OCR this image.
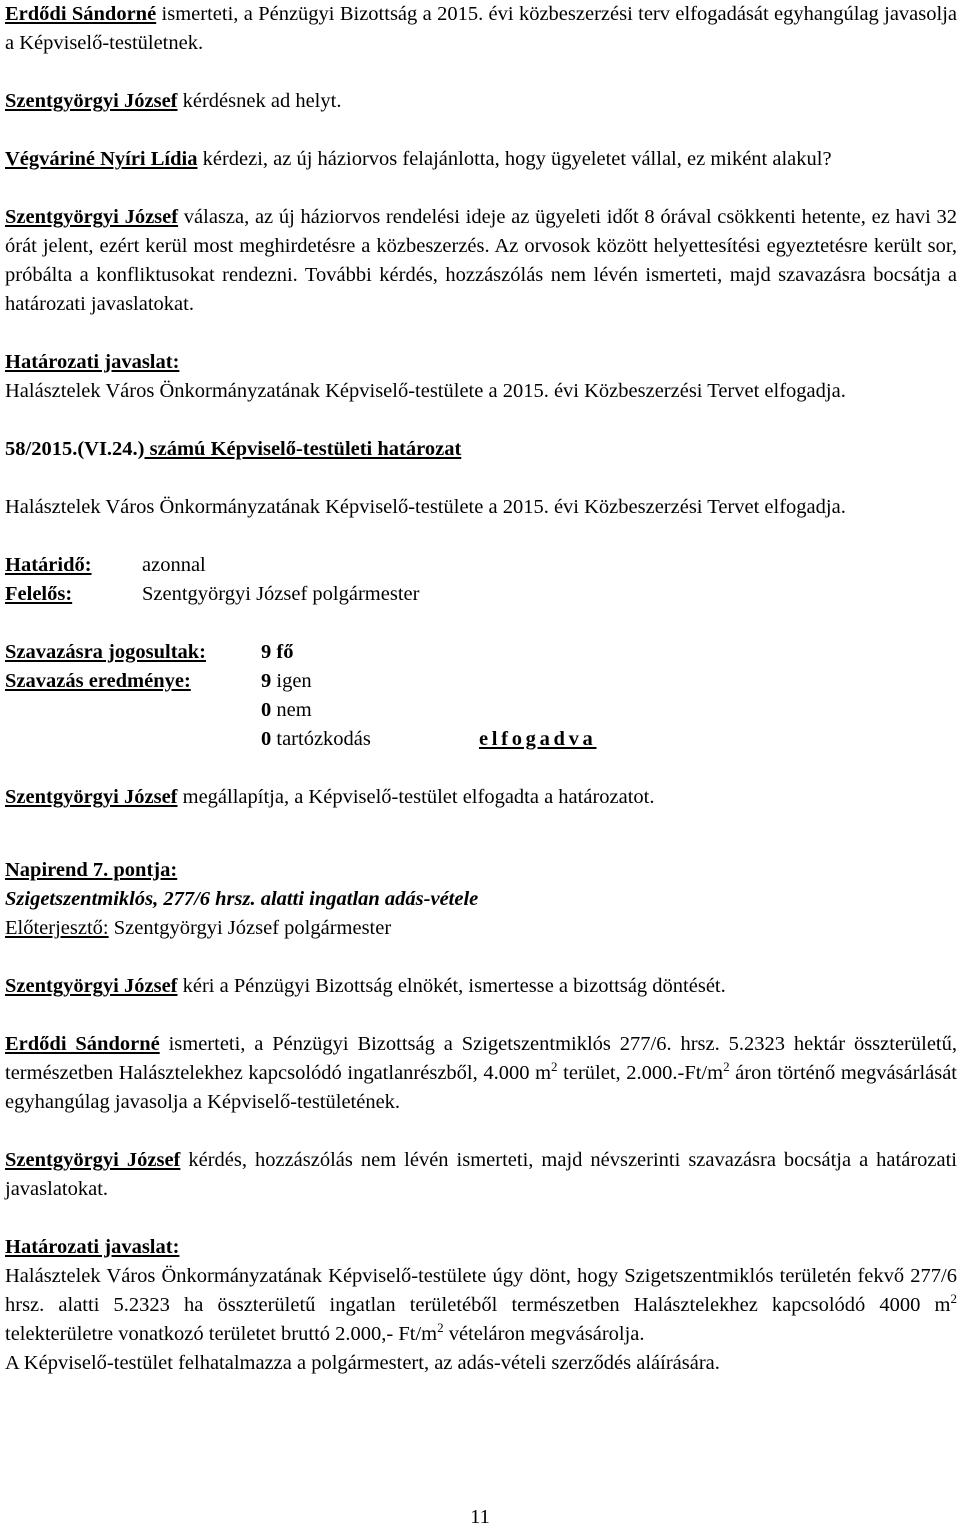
Erdődi Sándorné ismerteti, a Pénzügyi Bizottság a 2015. évi közbeszerzési terv elfogadását egyhangúlag javasolja a Képviselő-testületnek.

Szentgyörgyi József kérdésnek ad helyt.

Végváriné Nyíri Lídia kérdezi, az új háziorvos felajánlotta, hogy ügyeletet vállal, ez miként alakul?

Szentgyörgyi József válasza, az új háziorvos rendelési ideje az ügyeleti időt 8 órával csökkenti hetente, ez havi 32 órát jelent, ezért kerül most meghirdetésre a közbeszerzés. Az orvosok között helyettesítési egyeztetésre került sor, próbálta a konfliktusokat rendezni. További kérdés, hozzászólás nem lévén ismerteti, majd szavazásra bocsátja a határozati javaslatokat.

Határozati javaslat:

Halásztelek Város Önkormányzatának Képviselő-testülete a 2015. évi Közbeszerzési Tervet elfogadja.

58/2015.(VI.24.) számú Képviselő-testületi határozat

Halásztelek Város Önkormányzatának Képviselő-testülete a 2015. évi Közbeszerzési Tervet elfogadja.

Határidő:	azonnal
Felelős:	Szentgyörgyi József polgármester
Szavazásra jogosultak:	9 fő
Szavazás eredménye:	9 igen
0 nem
0 tartózkodás	elfogadva

Szentgyörgyi József megállapítja, a Képviselő-testület elfogadta a határozatot.

Napirend 7. pontja:

Szigetszentmiklós, 277/6 hrsz. alatti ingatlan adás-vétele

Előterjesztő: Szentgyörgyi József polgármester

Szentgyörgyi József kéri a Pénzügyi Bizottság elnökét, ismertesse a bizottság döntését.

Erdődi Sándorné ismerteti, a Pénzügyi Bizottság a Szigetszentmiklós 277/6. hrsz. 5.2323 hektár összterületű, természetben Halásztelekhez kapcsolódó ingatlanrészből, 4.000 $m^2$ terület, $2.000.-Ft/m^2$ áron történő megvásárlását egyhangúlag javasolja a Képviselő-testületének.

Szentgyörgyi József kérdés, hozzászólás nem lévén ismerteti, majd névszerinti szavazásra bocsátja a határozati javaslatokat.

Határozati javaslat:

Halásztelek Város Önkormányzatának Képviselő-testülete úgy dönt, hogy Szigetszentmiklós területén fekvő 277/6 hrsz. alatti 5.2323 ha összterületű ingatlan területéből természetben Halásztelekhez kapcsolódó 4000 $m^2$ telekterületre vonatkozó területet bruttó 2.000,- $Ft/m^2$ vételáron megvásárolja.

A Képviselő-testület felhatalmazza a polgármestert, az adás-vételi szerződés aláírására.

11
